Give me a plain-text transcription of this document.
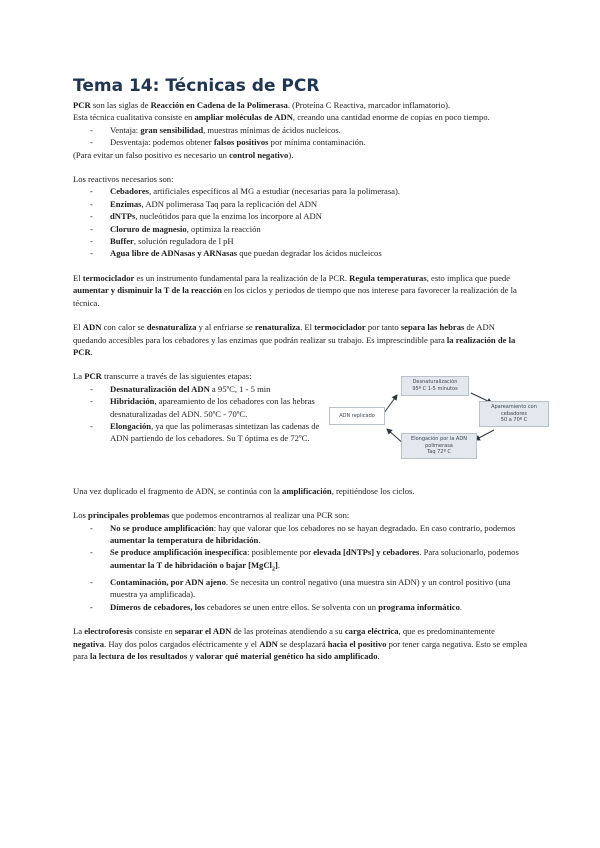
Tema 14: Técnicas de PCR

PCR son las siglas de Reacción en Cadena de la Polimerasa. (Proteína C Reactiva, marcador inflamatorio).

Esta técnica cualitativa consiste en ampliar moléculas de ADN, creando una cantidad enorme de copias en poco tiempo.

- Ventaja: gran sensibilidad, muestras mínimas de ácidos nucleicos.
- Desventaja: podemos obtener falsos positivos por mínima contaminación.

(Para evitar un falso positivo es necesario un control negativo).

Los reactivos necesarios son:

- Cebadores, artificiales específicos al MG a estudiar (necesarias para la polimerasa).
- Enzimas, ADN polimerasa Taq para la replicación del ADN
- dNTPs, nucleótidos para que la enzima los incorpore al ADN
- Cloruro de magnesio, optimiza la reacción
- Buffer, solución reguladora de l pH
- Agua libre de ADNasas y ARNasas que puedan degradar los ácidos nucleicos

El termociclador es un instrumento fundamental para la realización de la PCR. Regula temperaturas, esto implica que puede aumentar y disminuir la T de la reacción en los ciclos y periodos de tiempo que nos interese para favorecer la realización de la técnica.

El ADN con calor se desnaturaliza y al enfriarse se renaturaliza. El termociclador por tanto separa las hebras de ADN quedando accesibles para los cebadores y las enzimas que podrán realizar su trabajo. Es imprescindible para la realización de la PCR.

La PCR transcurre a través de las siguientes etapas:

- Desnaturalización del ADN a 95ºC, 1 - 5 min
- Hibridación, apareamiento de los cebadores con las hebras desnaturalizadas del ADN. 50ºC - 70ºC.
- Elongación, ya que las polimerasas sintetizan las cadenas de ADN partiendo de los cebadores. Su T óptima es de 72ºC.
Desnaturalización
95º C 1-5 minutos
ADN replicado
Apareamiento con
cebadores
50 a 70º C
Elongación por la ADN
polimerasa
Taq 72º C

Una vez duplicado el fragmento de ADN, se continúa con la amplificación, repitiéndose los ciclos.

Los principales problemas que podemos encontrarnos al realizar una PCR son:

- No se produce amplificación: hay que valorar que los cebadores no se hayan degradado. En caso contrario, podemos aumentar la temperatura de hibridación.
- Se produce amplificación inespecífica: posiblemente por elevada [dNTPs] y cebadores. Para solucionarlo, podemos aumentar la T de hibridación o bajar [MgCl$_2$].
- Contaminación, por ADN ajeno. Se necesita un control negativo (una muestra sin ADN) y un control positivo (una muestra ya amplificada).
- Dímeros de cebadores, los cebadores se unen entre ellos. Se solventa con un programa informático.

La electroforesis consiste en separar el ADN de las proteínas atendiendo a su carga eléctrica, que es predominantemente negativa. Hay dos polos cargados eléctricamente y el ADN se desplazará hacia el positivo por tener carga negativa. Esto se emplea para la lectura de los resultados y valorar qué material genético ha sido amplificado.
